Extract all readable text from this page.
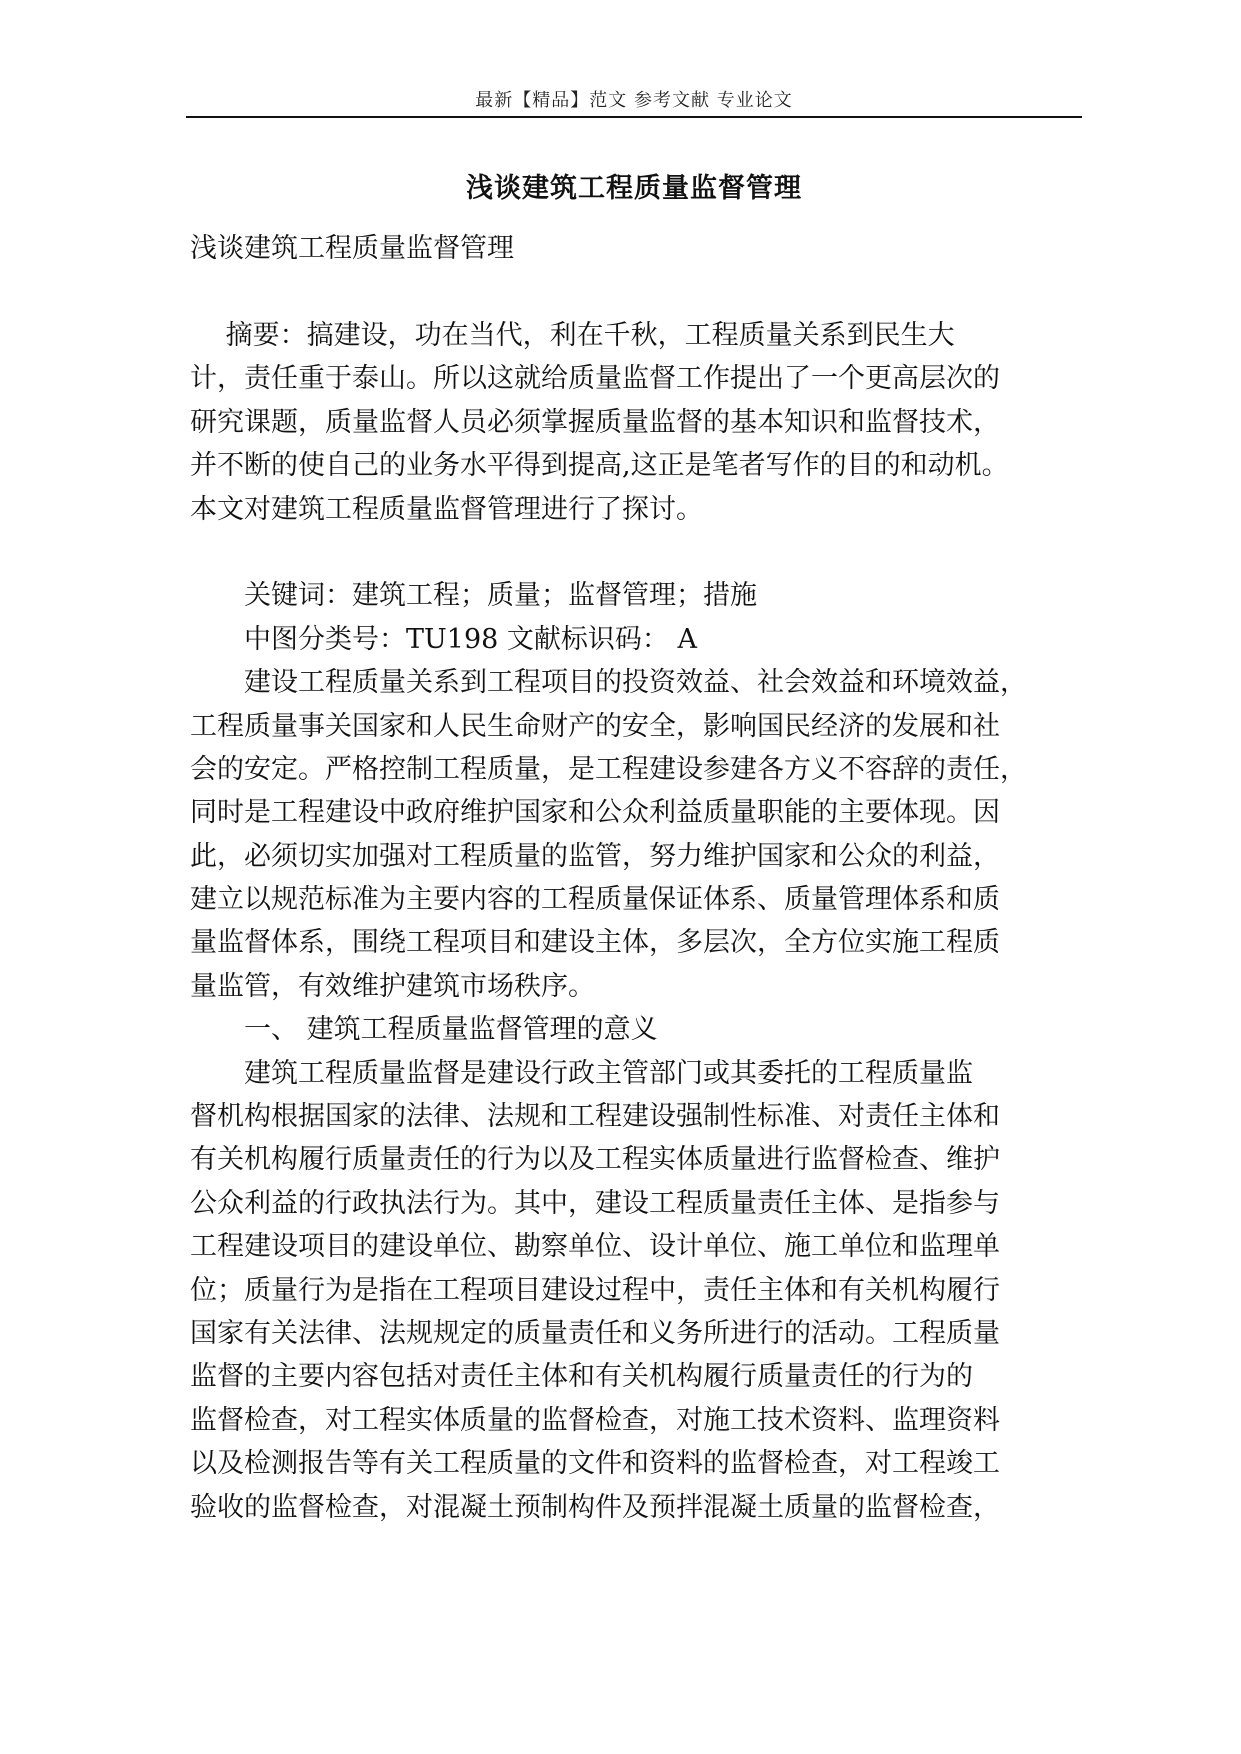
最新【精品】范文 参考文献 专业论文
浅谈建筑工程质量监督管理

浅谈建筑工程质量监督管理

　 摘要：搞建设，功在当代，利在千秋，工程质量关系到民生大

计，责任重于泰山。所以这就给质量监督工作提出了一个更高层次的

研究课题，质量监督人员必须掌握质量监督的基本知识和监督技术，

并不断的使自己的业务水平得到提高,这正是笔者写作的目的和动机。

本文对建筑工程质量监督管理进行了探讨。

　　关键词：建筑工程；质量；监督管理；措施

　　中图分类号：TU198 文献标识码： A

　　建设工程质量关系到工程项目的投资效益、社会效益和环境效益，

工程质量事关国家和人民生命财产的安全，影响国民经济的发展和社

会的安定。严格控制工程质量，是工程建设参建各方义不容辞的责任，

同时是工程建设中政府维护国家和公众利益质量职能的主要体现。因

此，必须切实加强对工程质量的监管，努力维护国家和公众的利益，

建立以规范标准为主要内容的工程质量保证体系、质量管理体系和质

量监督体系，围绕工程项目和建设主体，多层次，全方位实施工程质

量监管，有效维护建筑市场秩序。

　　一、 建筑工程质量监督管理的意义

　　建筑工程质量监督是建设行政主管部门或其委托的工程质量监

督机构根据国家的法律、法规和工程建设强制性标准、对责任主体和

有关机构履行质量责任的行为以及工程实体质量进行监督检查、维护

公众利益的行政执法行为。其中，建设工程质量责任主体、是指参与

工程建设项目的建设单位、勘察单位、设计单位、施工单位和监理单

位；质量行为是指在工程项目建设过程中，责任主体和有关机构履行

国家有关法律、法规规定的质量责任和义务所进行的活动。工程质量

监督的主要内容包括对责任主体和有关机构履行质量责任的行为的

监督检查，对工程实体质量的监督检查，对施工技术资料、监理资料

以及检测报告等有关工程质量的文件和资料的监督检查，对工程竣工

验收的监督检查，对混凝土预制构件及预拌混凝土质量的监督检查，
